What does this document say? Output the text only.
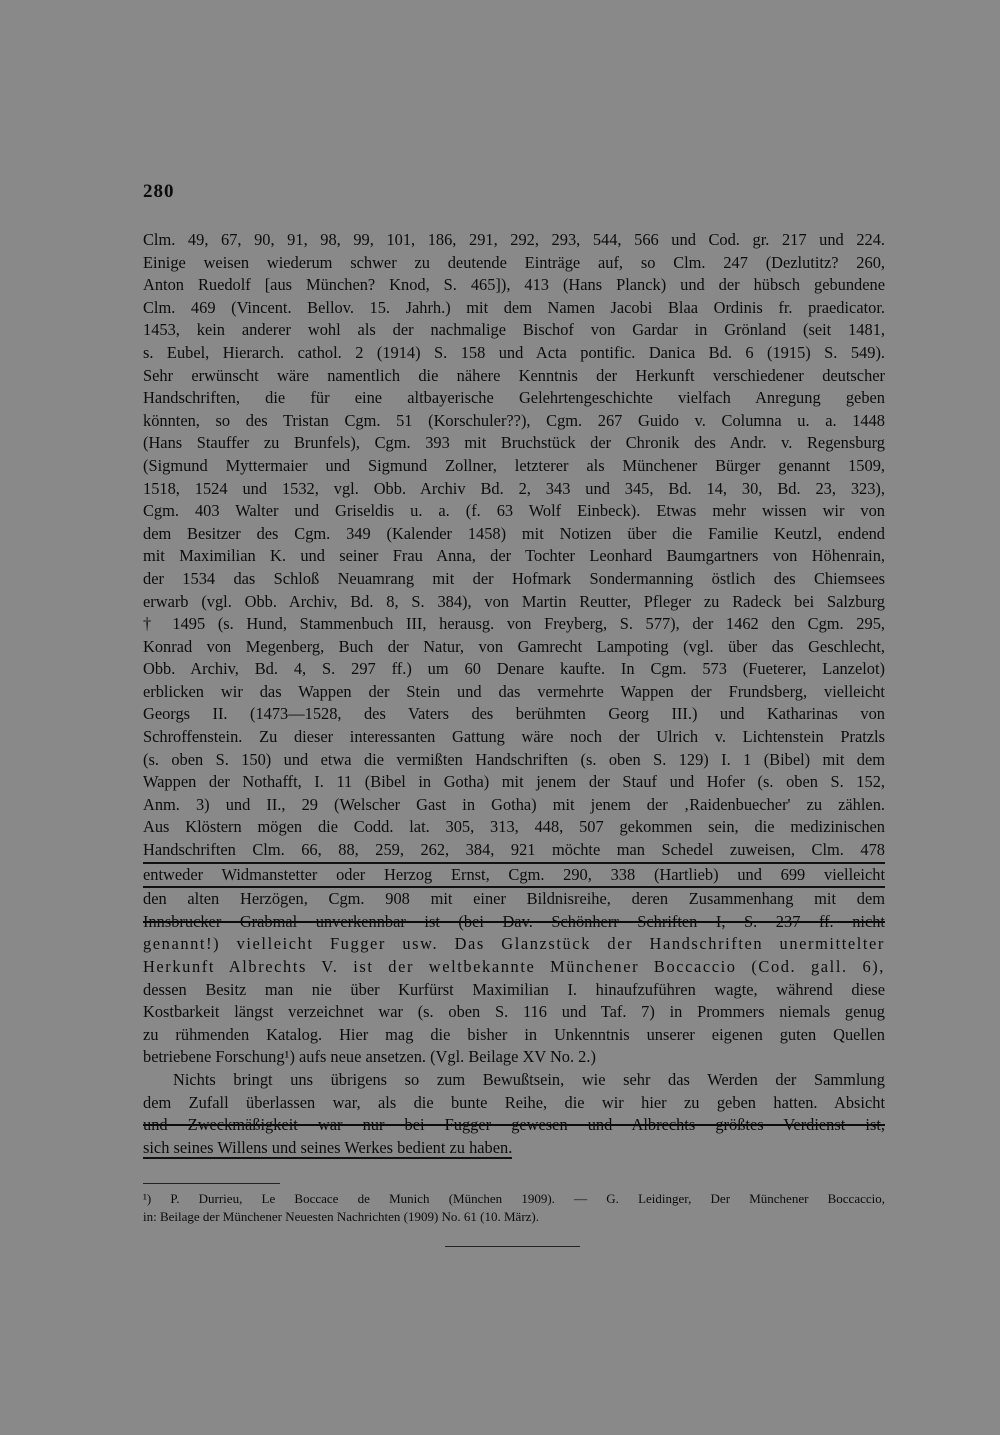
280
Clm. 49, 67, 90, 91, 98, 99, 101, 186, 291, 292, 293, 544, 566 und Cod. gr. 217 und 224.
Einige weisen wiederum schwer zu deutende Einträge auf, so Clm. 247 (Dezlutitz? 260,
Anton Ruedolf [aus München? Knod, S. 465]), 413 (Hans Planck) und der hübsch gebundene
Clm. 469 (Vincent. Bellov. 15. Jahrh.) mit dem Namen Jacobi Blaa Ordinis fr. praedicator.
1453, kein anderer wohl als der nachmalige Bischof von Gardar in Grönland (seit 1481,
s. Eubel, Hierarch. cathol. 2 (1914) S. 158 und Acta pontific. Danica Bd. 6 (1915) S. 549).
Sehr erwünscht wäre namentlich die nähere Kenntnis der Herkunft verschiedener deutscher
Handschriften, die für eine altbayerische Gelehrtengeschichte vielfach Anregung geben
könnten, so des Tristan Cgm. 51 (Korschuler??), Cgm. 267 Guido v. Columna u. a. 1448
(Hans Stauffer zu Brunfels), Cgm. 393 mit Bruchstück der Chronik des Andr. v. Regensburg
(Sigmund Myttermaier und Sigmund Zollner, letzterer als Münchener Bürger genannt 1509,
1518, 1524 und 1532, vgl. Obb. Archiv Bd. 2, 343 und 345, Bd. 14, 30, Bd. 23, 323),
Cgm. 403 Walter und Griseldis u. a. (f. 63 Wolf Einbeck). Etwas mehr wissen wir von
dem Besitzer des Cgm. 349 (Kalender 1458) mit Notizen über die Familie Keutzl, endend
mit Maximilian K. und seiner Frau Anna, der Tochter Leonhard Baumgartners von Höhenrain,
der 1534 das Schloß Neuamrang mit der Hofmark Sondermanning östlich des Chiemsees
erwarb (vgl. Obb. Archiv, Bd. 8, S. 384), von Martin Reutter, Pfleger zu Radeck bei Salzburg
† 1495 (s. Hund, Stammenbuch III, herausg. von Freyberg, S. 577), der 1462 den Cgm. 295,
Konrad von Megenberg, Buch der Natur, von Gamrecht Lampoting (vgl. über das Geschlecht,
Obb. Archiv, Bd. 4, S. 297 ff.) um 60 Denare kaufte. In Cgm. 573 (Fueterer, Lanzelot)
erblicken wir das Wappen der Stein und das vermehrte Wappen der Frundsberg, vielleicht
Georgs II. (1473—1528, des Vaters des berühmten Georg III.) und Katharinas von
Schroffenstein. Zu dieser interessanten Gattung wäre noch der Ulrich v. Lichtenstein Pratzls
(s. oben S. 150) und etwa die vermißten Handschriften (s. oben S. 129) I. 1 (Bibel) mit dem
Wappen der Nothafft, I. 11 (Bibel in Gotha) mit jenem der Stauf und Hofer (s. oben S. 152,
Anm. 3) und II., 29 (Welscher Gast in Gotha) mit jenem der ‚Raidenbuecher' zu zählen.
Aus Klöstern mögen die Codd. lat. 305, 313, 448, 507 gekommen sein, die medizinischen
Handschriften Clm. 66, 88, 259, 262, 384, 921 möchte man Schedel zuweisen, Clm. 478
entweder Widmanstetter oder Herzog Ernst, Cgm. 290, 338 (Hartlieb) und 699 vielleicht
den alten Herzögen, Cgm. 908 mit einer Bildnisreihe, deren Zusammenhang mit dem
Innsbrucker Grabmal unverkennbar ist (bei Dav. Schönherr Schriften I, S. 237 ff. nicht
genannt!) vielleicht Fugger usw. Das Glanzstück der Handschriften unermittelter
Herkunft Albrechts V. ist der weltbekannte Münchener Boccaccio (Cod. gall. 6),
dessen Besitz man nie über Kurfürst Maximilian I. hinaufzuführen wagte, während diese
Kostbarkeit längst verzeichnet war (s. oben S. 116 und Taf. 7) in Prommers niemals genug
zu rühmenden Katalog. Hier mag die bisher in Unkenntnis unserer eigenen guten Quellen
betriebene Forschung¹) aufs neue ansetzen. (Vgl. Beilage XV No. 2.)
Nichts bringt uns übrigens so zum Bewußtsein, wie sehr das Werden der Sammlung
dem Zufall überlassen war, als die bunte Reihe, die wir hier zu geben hatten. Absicht
und Zweckmäßigkeit war nur bei Fugger gewesen und Albrechts größtes Verdienst ist,
sich seines Willens und seines Werkes bedient zu haben.
¹) P. Durrieu, Le Boccace de Munich (München 1909). — G. Leidinger, Der Münchener Boccaccio,
in: Beilage der Münchener Neuesten Nachrichten (1909) No. 61 (10. März).
